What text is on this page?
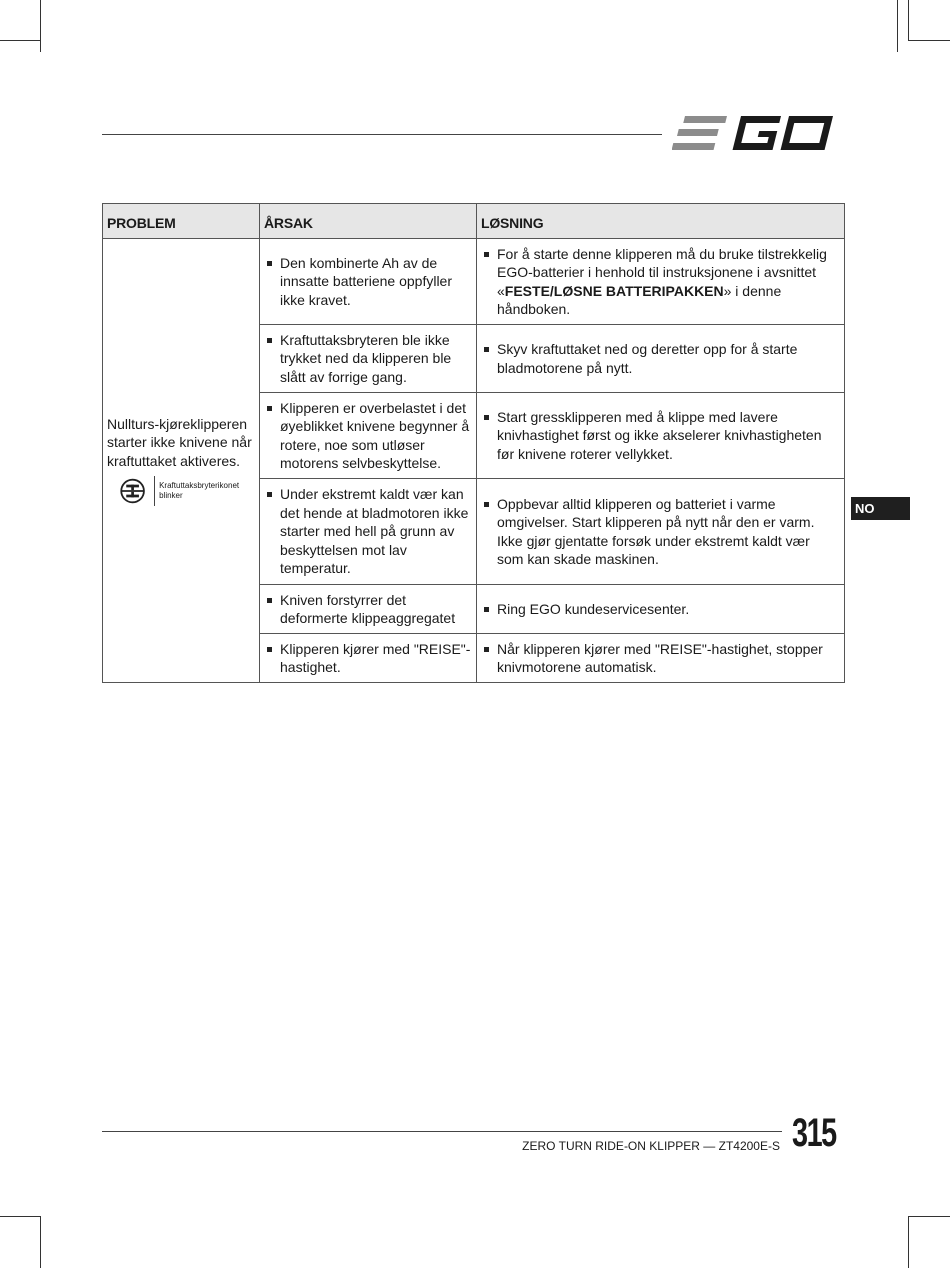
PROBLEM	ÅRSAK	LØSNING

Nullturs-kjøreklipperen starter ikke knivene når kraftuttaket aktiveres.
Kraftuttaksbryterikonet blinker	Den kombinerte Ah av de innsatte batteriene oppfyller ikke kravet.	For å starte denne klipperen må du bruke tilstrekkelig EGO-batterier i henhold til instruksjonene i avsnittet «FESTE/LØSNE BATTERIPAKKEN» i denne håndboken.

	Kraftuttaksbryteren ble ikke trykket ned da klipperen ble slått av forrige gang.	Skyv kraftuttaket ned og deretter opp for å starte bladmotorene på nytt.

	Klipperen er overbelastet i det øyeblikket knivene begynner å rotere, noe som utløser motorens selvbeskyttelse.	Start gressklipperen med å klippe med lavere knivhastighet først og ikke akselerer knivhastigheten før knivene roterer vellykket.

	Under ekstremt kaldt vær kan det hende at bladmotoren ikke starter med hell på grunn av beskyttelsen mot lav temperatur.	Oppbevar alltid klipperen og batteriet i varme omgivelser. Start klipperen på nytt når den er varm. Ikke gjør gjentatte forsøk under ekstremt kaldt vær som kan skade maskinen.

	Kniven forstyrrer det deformerte klippeaggregatet	Ring EGO kundeservicesenter.

	Klipperen kjører med "REISE"-hastighet.	Når klipperen kjører med "REISE"-hastighet, stopper knivmotorene automatisk.
NO
ZERO TURN RIDE-ON KLIPPER — ZT4200E-S 315
